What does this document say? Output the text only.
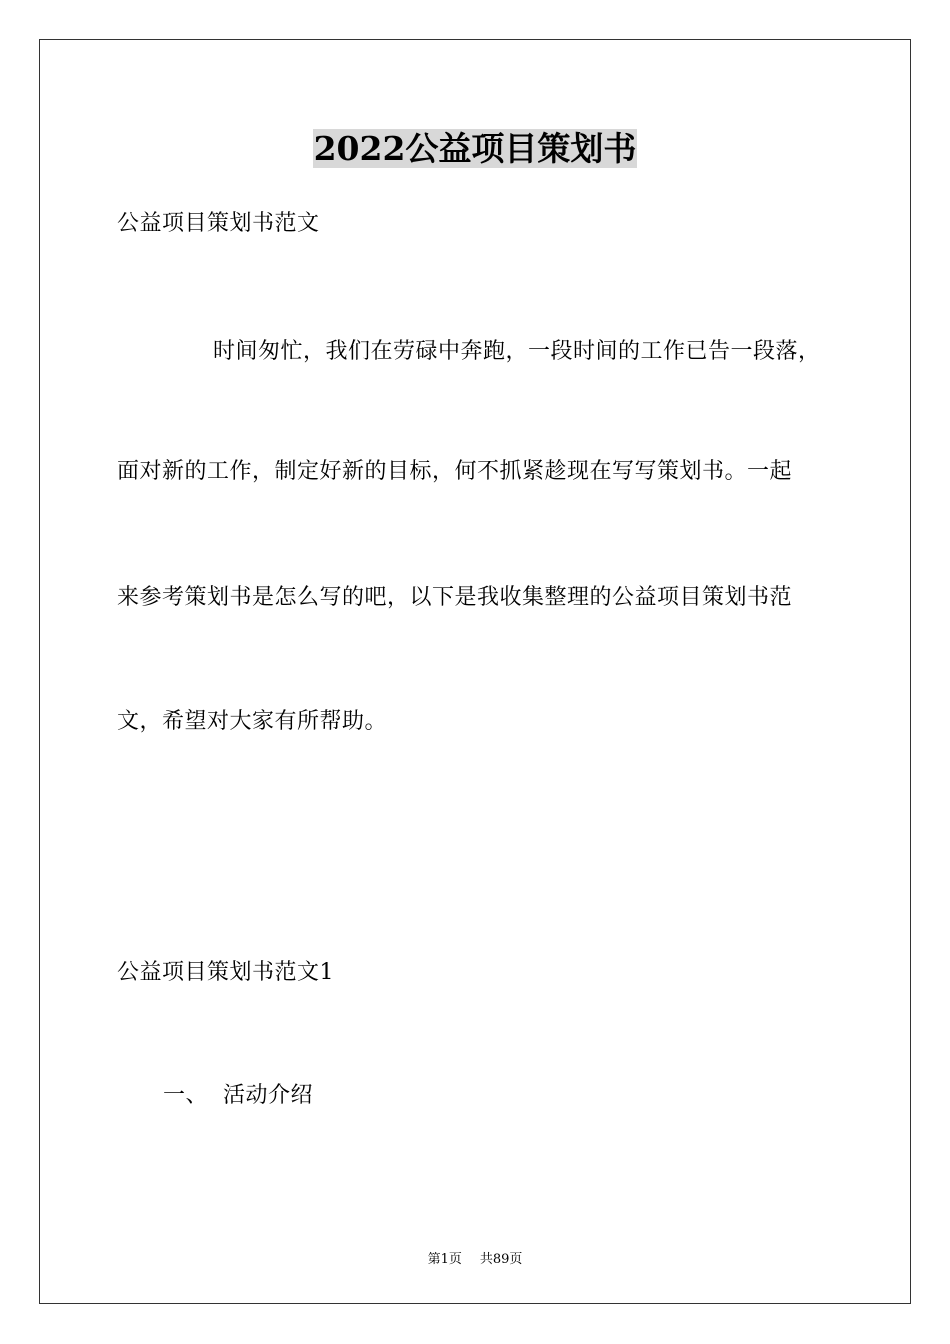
2022公益项目策划书
公益项目策划书范文
时间匆忙，我们在劳碌中奔跑，一段时间的工作已告一段落，
面对新的工作，制定好新的目标，何不抓紧趁现在写写策划书。一起
来参考策划书是怎么写的吧，以下是我收集整理的公益项目策划书范
文，希望对大家有所帮助。
公益项目策划书范文1
一、  活动介绍
第1页 共89页
